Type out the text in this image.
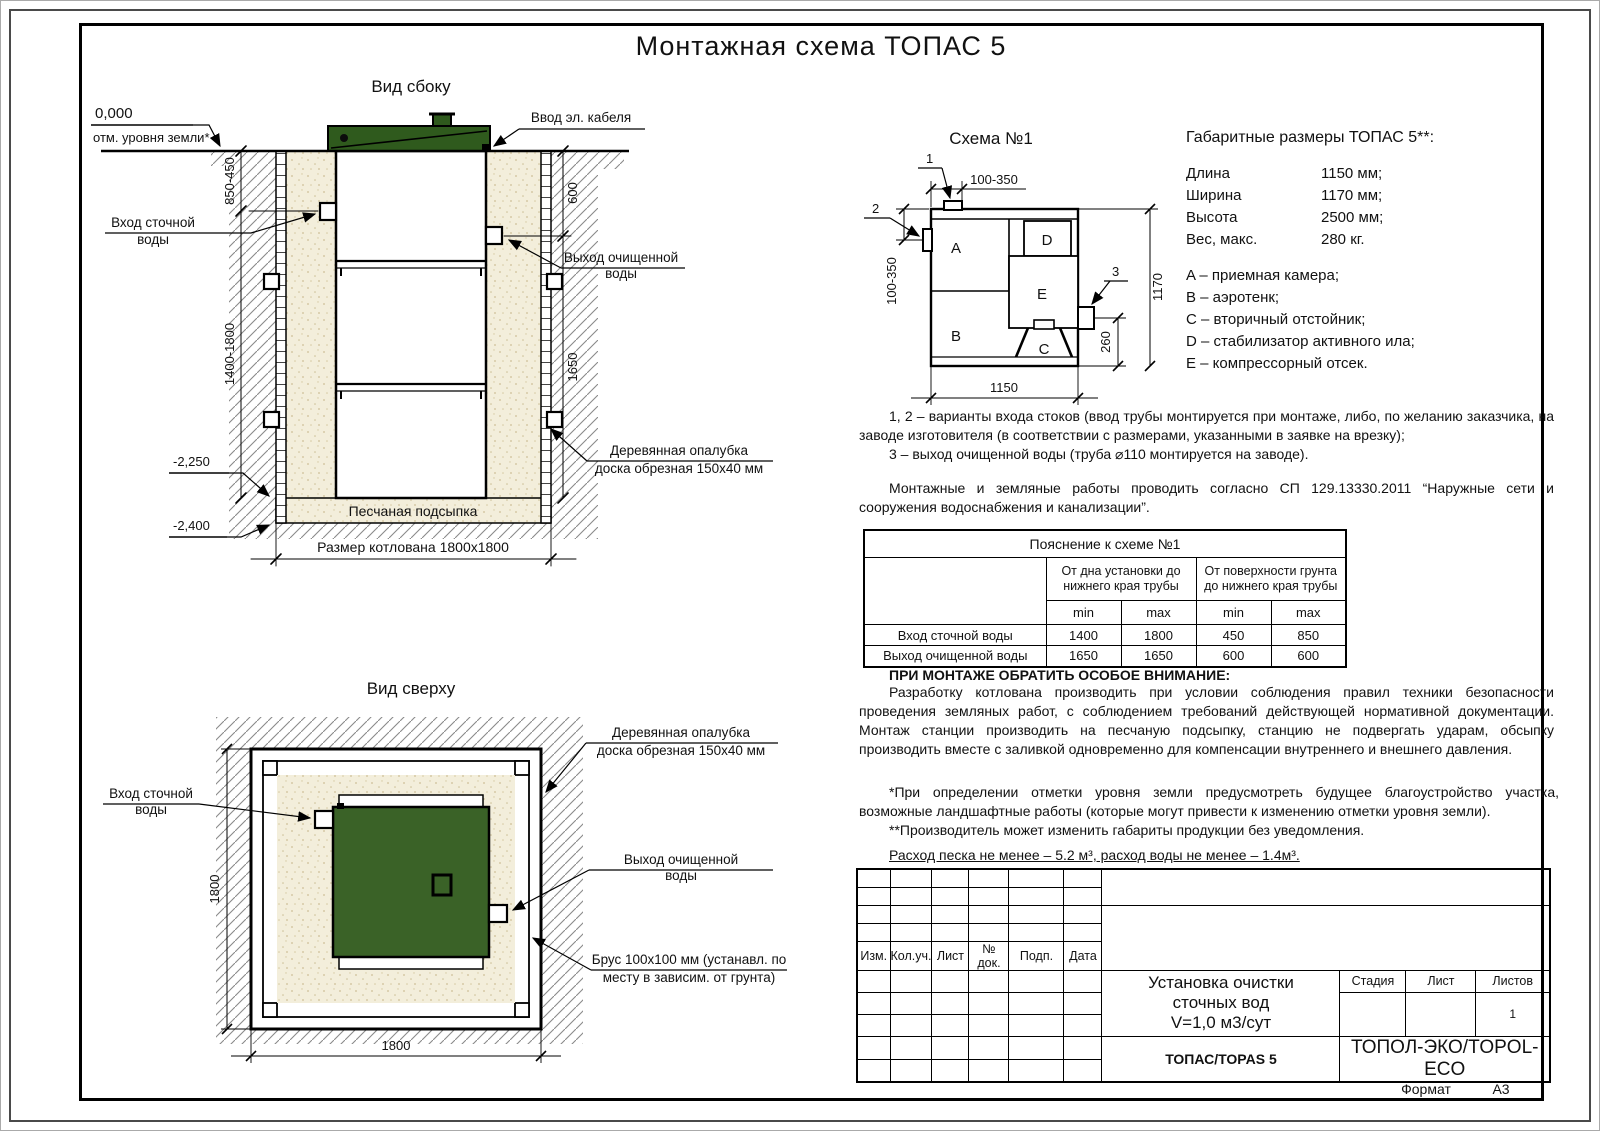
Монтажная схема ТОПАС 5
Вид сбоку
850-450
1400-1800
600
1650
Размер котлована 1800х1800
0,000
отм. уровня земли*
-2,250
-2,400
Вход сточной
воды
Ввод эл. кабеля
Выход очищенной
воды
Деревянная опалубка
доска обрезная 150х40 мм
Песчаная подсыпка
Вид сверху
1800
1800
Вход сточной
воды
Деревянная опалубка
доска обрезная 150х40 мм
Выход очищенной
воды
Брус 100х100 мм (устанавл. по
месту в зависим. от грунта)
Схема №1
A
B
D
E
C
1
2
3
100-350
100-350
260
1170
1150
Габаритные размеры ТОПАС 5**:
Длина	1150 мм;
Ширина	1170 мм;
Высота	2500 мм;
Вес, макс.	280 кг.
A – приемная камера;
B – аэротенк;
C – вторичный отстойник;
D – стабилизатор активного ила;
E – компрессорный отсек.

1, 2 – варианты входа стоков (ввод трубы монтируется при монтаже, либо, по желанию заказчика, на заводе изготовителя (в соответствии с размерами, указанными в заявке на врезку);

3 – выход очищенной воды (труба ⌀110 монтируется на заводе).

Монтажные и земляные работы проводить согласно СП 129.13330.2011 “Наружные сети и сооружения водоснабжения и канализации”.

Пояснение к схеме №1				
	От дна установки до нижнего края трубы		От поверхности грунта до нижнего края трубы	
	min	max	min	max
Вход сточной воды	1400	1800	450	850
Выход очищенной воды	1650	1650	600	600
ПРИ МОНТАЖЕ ОБРАТИТЬ ОСОБОЕ ВНИМАНИЕ:

Разработку котлована производить при условии соблюдения правил техники безопасности проведения земляных работ, с соблюдением требований действующей нормативной документации. Монтаж станции производить на песчаную подсыпку, станцию не подвергать ударам, обсыпку производить вместе с заливкой одновременно для компенсации внутреннего и внешнего давления.

*При определении отметки уровня земли предусмотреть будущее благоустройство участка, возможные ландшафтные работы (которые могут привести к изменению отметки уровня земли).

**Производитель может изменить габариты продукции без уведомления.

Расход песка не менее – 5.2 м³, расход воды не менее – 1.4м³.

Изм.	Кол.уч.	Лист	№ док.	Подп.	Дата				

						Установка очистки
сточных вод
V=1,0 м3/сут	Стадия	Лист	Листов
									1

						ТОПАС/TOPAS 5	ТОПОЛ-ЭКО/TOPOL-ECO		

Формат	А3
